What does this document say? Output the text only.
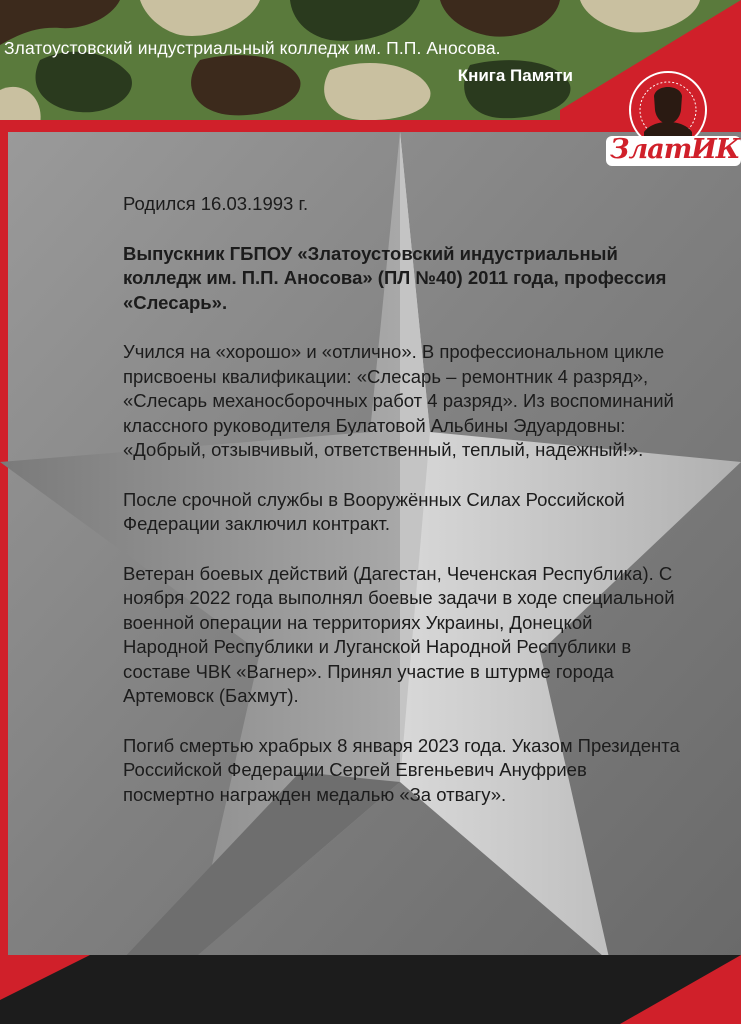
Златоустовский индустриальный колледж им. П.П. Аносова.
Книга Памяти
ЗлатИК

Родился 16.03.1993 г.

Выпускник ГБПОУ «Златоустовский индустриальный колледж им. П.П. Аносова» (ПЛ №40) 2011 года, профессия «Слесарь».

Учился на «хорошо» и «отлично». В профессиональном цикле присвоены квалификации: «Слесарь – ремонтник 4 разряд», «Слесарь механосборочных работ 4 разряд». Из воспоминаний классного руководителя Булатовой Альбины Эдуардовны: «Добрый, отзывчивый, ответственный, теплый, надежный!».

После срочной службы в Вооружённых Силах Российской Федерации заключил контракт.

Ветеран боевых действий (Дагестан, Чеченская Республика). С ноября 2022 года выполнял боевые задачи в ходе специальной военной операции на территориях Украины, Донецкой Народной Республики и Луганской Народной Республики в составе ЧВК «Вагнер». Принял участие в штурме города Артемовск (Бахмут).

Погиб смертью храбрых 8 января 2023 года. Указом Президента Российской Федерации Сергей Евгеньевич Ануфриев посмертно награжден медалью «За отвагу».
